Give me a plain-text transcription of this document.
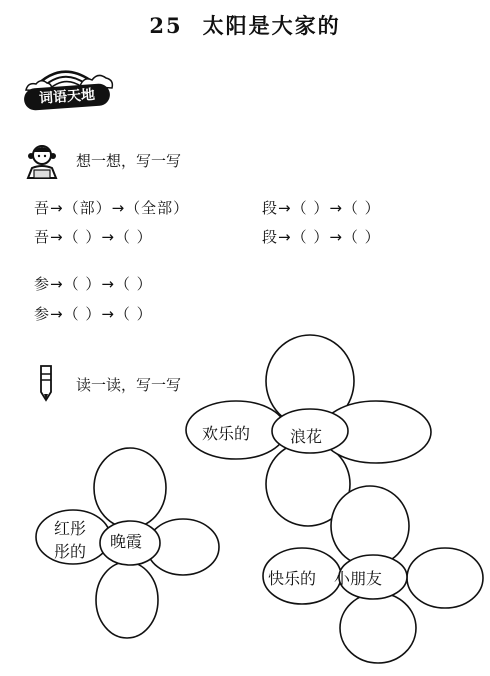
25 太阳是大家的
词语天地
想一想，写一写
吾→（部）→（全部）	段→（ ）→（ ）
吾→（ ）→（ ）	段→（ ）→（ ）
参→（ ）→（ ）
参→（ ）→（ ）
读一读，写一写
欢乐的 浪花
红彤
彤的
晚霞
快乐的 小朋友
